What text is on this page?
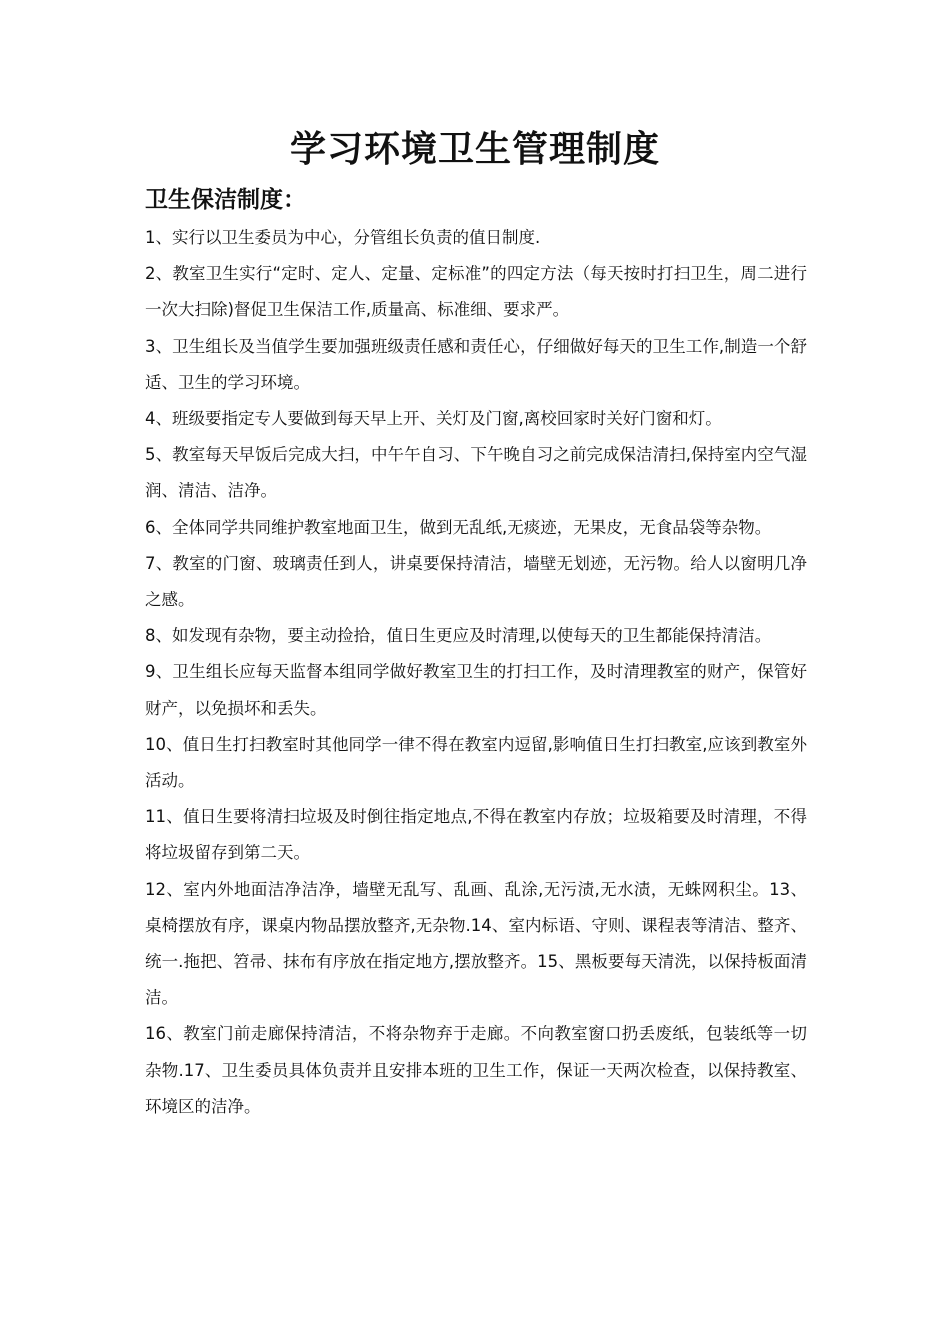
学习环境卫生管理制度
卫生保洁制度：

1、实行以卫生委员为中心，分管组长负责的值日制度.

2、教室卫生实行“定时、定人、定量、定标准”的四定方法（每天按时打扫卫生，周二进行一次大扫除)督促卫生保洁工作,质量高、标准细、要求严。

3、卫生组长及当值学生要加强班级责任感和责任心，仔细做好每天的卫生工作,制造一个舒适、卫生的学习环境。

4、班级要指定专人要做到每天早上开、关灯及门窗,离校回家时关好门窗和灯。

5、教室每天早饭后完成大扫，中午午自习、下午晚自习之前完成保洁清扫,保持室内空气湿润、清洁、洁净。

6、全体同学共同维护教室地面卫生，做到无乱纸,无痰迹，无果皮，无食品袋等杂物。

7、教室的门窗、玻璃责任到人，讲桌要保持清洁，墙壁无划迹，无污物。给人以窗明几净之感。

8、如发现有杂物，要主动捡拾，值日生更应及时清理,以使每天的卫生都能保持清洁。

9、卫生组长应每天监督本组同学做好教室卫生的打扫工作，及时清理教室的财产，保管好财产，以免损坏和丢失。

10、值日生打扫教室时其他同学一律不得在教室内逗留,影响值日生打扫教室,应该到教室外活动。

11、值日生要将清扫垃圾及时倒往指定地点,不得在教室内存放；垃圾箱要及时清理，不得将垃圾留存到第二天。

12、室内外地面洁净洁净，墙壁无乱写、乱画、乱涂,无污渍,无水渍，无蛛网积尘。13、桌椅摆放有序，课桌内物品摆放整齐,无杂物.14、室内标语、守则、课程表等清洁、整齐、统一.拖把、笤帚、抹布有序放在指定地方,摆放整齐。15、黑板要每天清洗，以保持板面清洁。

16、教室门前走廊保持清洁，不将杂物弃于走廊。不向教室窗口扔丢废纸，包装纸等一切杂物.17、卫生委员具体负责并且安排本班的卫生工作，保证一天两次检查，以保持教室、环境区的洁净。
